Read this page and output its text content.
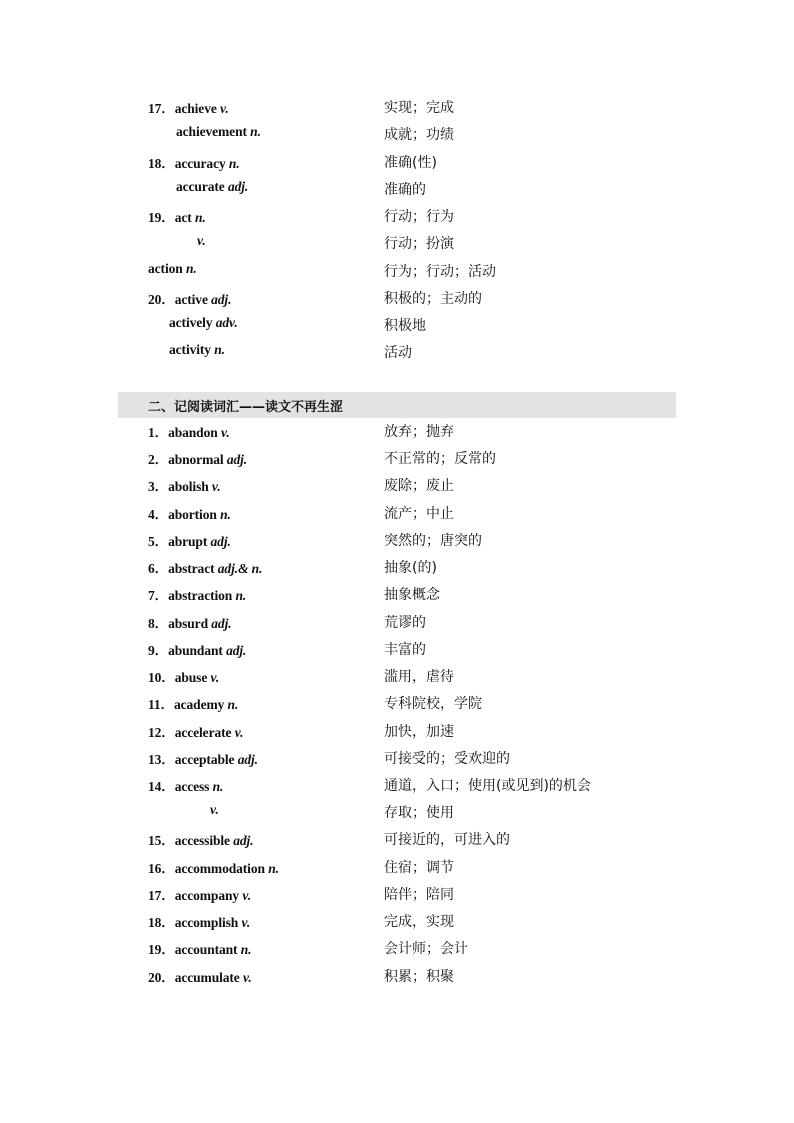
17．achieve v.	实现；完成
achievement n.	成就；功绩
18．accuracy n.	准确(性)
accurate adj.	准确的
19．act n.	行动；行为
v.	行动；扮演
action n.	行为；行动；活动
20．active adj.	积极的；主动的
actively adv.	积极地
activity n.	活动
二、记阅读词汇——读文不再生涩
1．abandon v.	放弃；抛弃
2．abnormal adj.	不正常的；反常的
3．abolish v.	废除；废止
4．abortion n.	流产；中止
5．abrupt adj.	突然的；唐突的
6．abstract adj.& n.	抽象(的)
7．abstraction n.	抽象概念
8．absurd adj.	荒谬的
9．abundant adj.	丰富的
10．abuse v.	滥用，虐待
11．academy n.	专科院校，学院
12．accelerate v.	加快，加速
13．acceptable adj.	可接受的；受欢迎的
14．access n.	通道，入口；使用(或见到)的机会
v.	存取；使用
15．accessible adj.	可接近的，可进入的
16．accommodation n.	住宿；调节
17．accompany v.	陪伴；陪同
18．accomplish v.	完成，实现
19．accountant n.	会计师；会计
20．accumulate v.	积累；积聚
